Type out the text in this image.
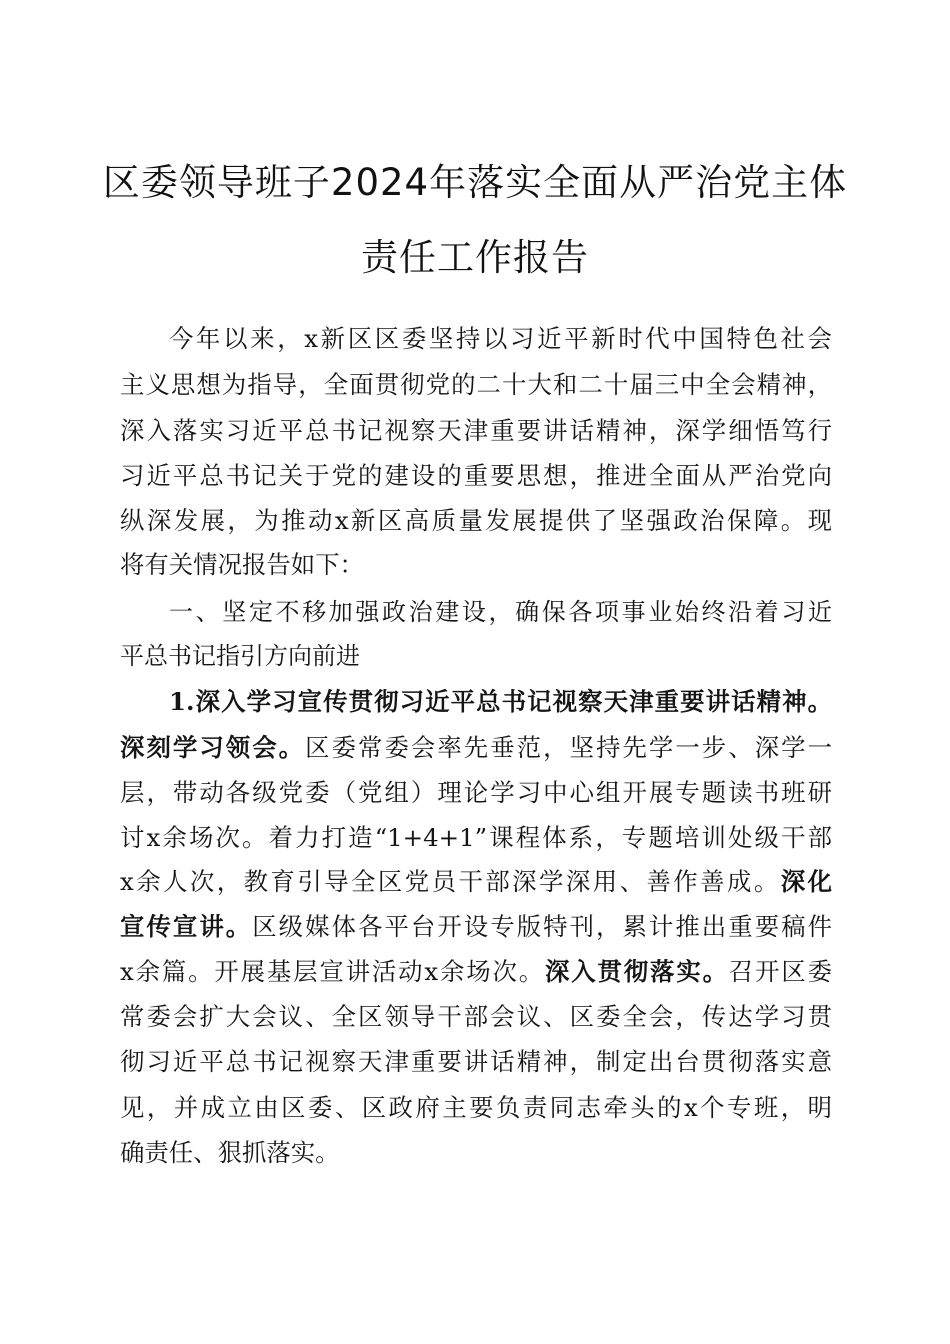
区委领导班子2024年落实全面从严治党主体
责任工作报告
今年以来，x新区区委坚持以习近平新时代中国特色社会
主义思想为指导，全面贯彻党的二十大和二十届三中全会精神，
深入落实习近平总书记视察天津重要讲话精神，深学细悟笃行
习近平总书记关于党的建设的重要思想，推进全面从严治党向
纵深发展，为推动x新区高质量发展提供了坚强政治保障。现
将有关情况报告如下：
一、坚定不移加强政治建设，确保各项事业始终沿着习近
平总书记指引方向前进
1.深入学习宣传贯彻习近平总书记视察天津重要讲话精神。
深刻学习领会。区委常委会率先垂范，坚持先学一步、深学一
层，带动各级党委（党组）理论学习中心组开展专题读书班研
讨x余场次。着力打造“1+4+1”课程体系，专题培训处级干部
x余人次，教育引导全区党员干部深学深用、善作善成。深化
宣传宣讲。区级媒体各平台开设专版特刊，累计推出重要稿件
x余篇。开展基层宣讲活动x余场次。深入贯彻落实。召开区委
常委会扩大会议、全区领导干部会议、区委全会，传达学习贯
彻习近平总书记视察天津重要讲话精神，制定出台贯彻落实意
见，并成立由区委、区政府主要负责同志牵头的x个专班，明
确责任、狠抓落实。
